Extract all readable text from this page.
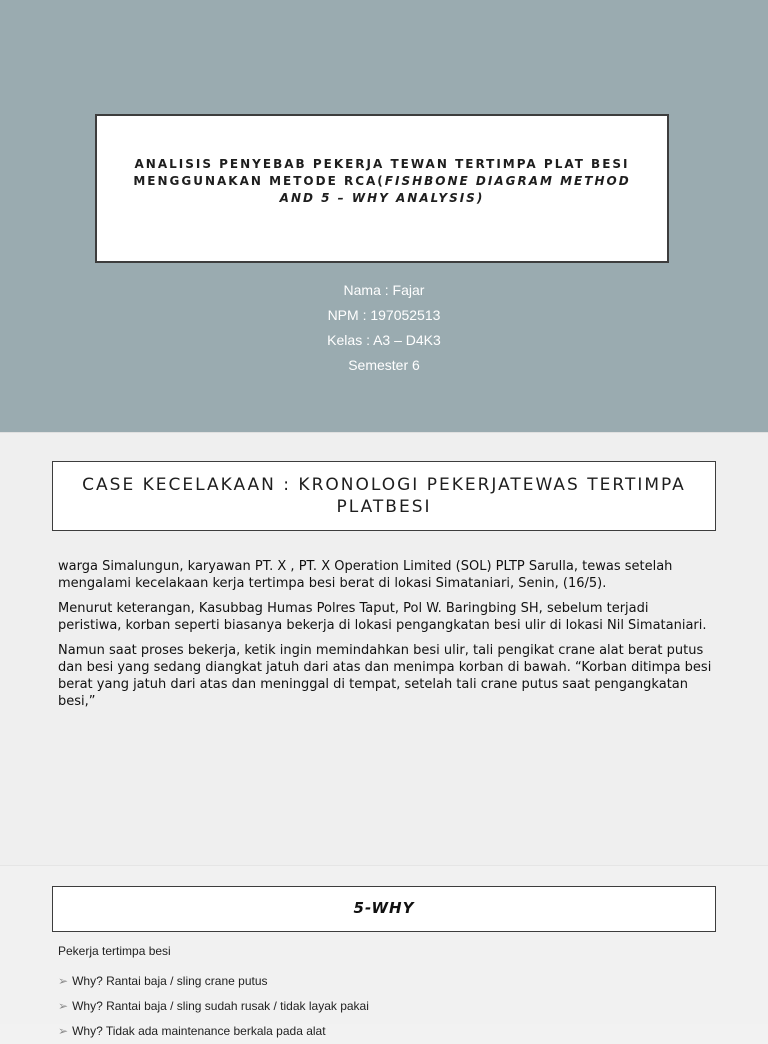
ANALISIS PENYEBAB PEKERJA TEWAN TERTIMPA PLAT BESI
MENGGUNAKAN METODE RCA(FISHBONE DIAGRAM METHOD AND 5 – WHY ANALYSIS)
Nama : Fajar
NPM : 197052513
Kelas : A3 – D4K3
Semester 6
CASE KECELAKAAN : KRONOLOGI PEKERJATEWAS TERTIMPA PLATBESI

warga Simalungun, karyawan PT. X , PT. X Operation Limited (SOL) PLTP Sarulla, tewas setelah mengalami kecelakaan kerja tertimpa besi berat di lokasi Simataniari, Senin, (16/5).

Menurut keterangan, Kasubbag Humas Polres Taput, Pol W. Baringbing SH, sebelum terjadi peristiwa, korban seperti biasanya bekerja di lokasi pengangkatan besi ulir di lokasi Nil Simataniari.

Namun saat proses bekerja, ketik ingin memindahkan besi ulir, tali pengikat crane alat berat putus dan besi yang sedang diangkat jatuh dari atas dan menimpa korban di bawah. “Korban ditimpa besi berat yang jatuh dari atas dan meninggal di tempat, setelah tali crane putus saat pengangkatan besi,”

5-WHY
Pekerja tertimpa besi
➢ Why? Rantai baja / sling crane putus
➢ Why? Rantai baja / sling sudah rusak / tidak layak pakai
➢ Why? Tidak ada maintenance berkala pada alat
